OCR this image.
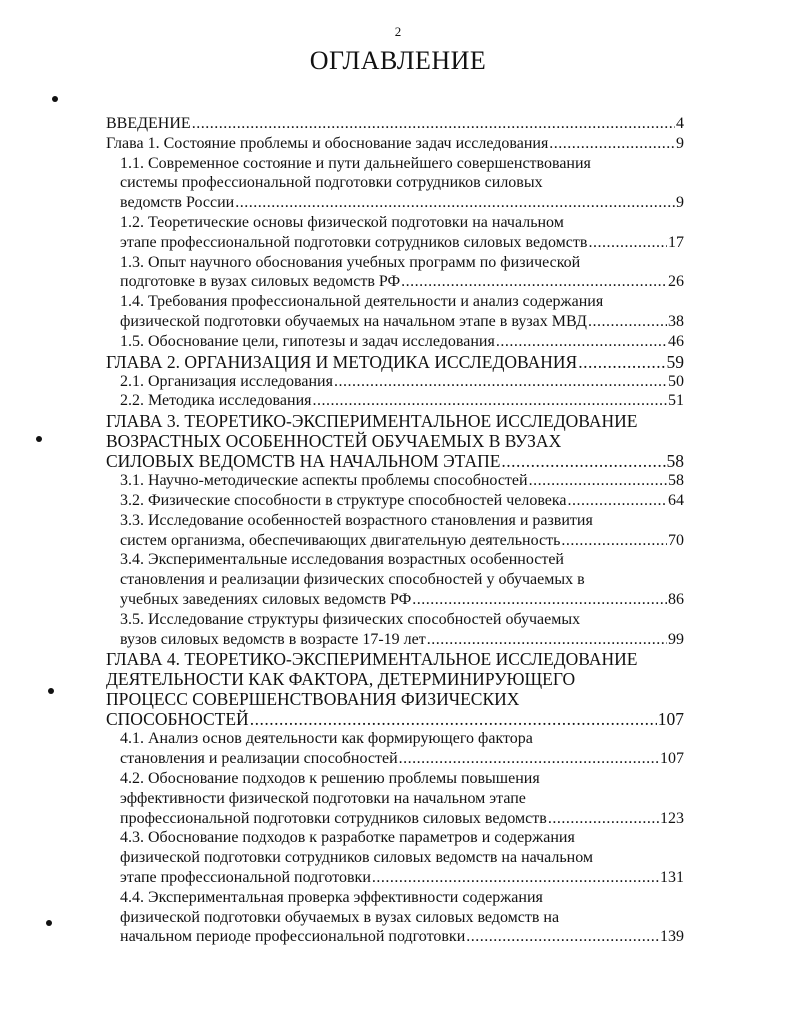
2
ОГЛАВЛЕНИЕ
ВВЕДЕНИЕ .....	4
Глава 1. Состояние проблемы и обоснование задач исследования .....	9
1.1. Современное состояние и пути дальнейшего совершенствования
системы профессиональной подготовки сотрудников силовых
ведомств России .....	9
1.2. Теоретические основы физической подготовки на начальном
этапе профессиональной подготовки сотрудников силовых ведомств .....	17
1.3. Опыт научного обоснования учебных программ по физической
подготовке в вузах силовых ведомств РФ .....	26
1.4. Требования профессиональной деятельности и анализ содержания
физической подготовки обучаемых на начальном этапе в вузах МВД .....	38
1.5. Обоснование цели, гипотезы и задач исследования .....	46
ГЛАВА 2. ОРГАНИЗАЦИЯ И МЕТОДИКА ИССЛЕДОВАНИЯ .....	59
2.1. Организация исследования .....	50
2.2. Методика исследования .....	51
ГЛАВА 3. ТЕОРЕТИКО-ЭКСПЕРИМЕНТАЛЬНОЕ ИССЛЕДОВАНИЕ
ВОЗРАСТНЫХ ОСОБЕННОСТЕЙ ОБУЧАЕМЫХ В ВУЗАХ
СИЛОВЫХ ВЕДОМСТВ НА НАЧАЛЬНОМ ЭТАПЕ .....	58
3.1. Научно-методические аспекты проблемы способностей .....	58
3.2. Физические способности в структуре способностей человека .....	64
3.3. Исследование особенностей возрастного становления и развития
систем организма, обеспечивающих двигательную деятельность .....	70
3.4. Экспериментальные исследования возрастных особенностей
становления и реализации физических способностей у обучаемых в
учебных заведениях силовых ведомств РФ .....	86
3.5. Исследование структуры физических способностей обучаемых
вузов силовых ведомств в возрасте 17-19 лет .....	99
ГЛАВА 4. ТЕОРЕТИКО-ЭКСПЕРИМЕНТАЛЬНОЕ ИССЛЕДОВАНИЕ
ДЕЯТЕЛЬНОСТИ КАК ФАКТОРА, ДЕТЕРМИНИРУЮЩЕГО
ПРОЦЕСС СОВЕРШЕНСТВОВАНИЯ ФИЗИЧЕСКИХ
СПОСОБНОСТЕЙ .....	107
4.1. Анализ основ деятельности как формирующего фактора
становления и реализации способностей .....	107
4.2. Обоснование подходов к решению проблемы повышения
эффективности физической подготовки на начальном этапе
профессиональной подготовки сотрудников силовых ведомств .....	123
4.3. Обоснование подходов к разработке параметров и содержания
физической подготовки сотрудников силовых ведомств на начальном
этапе профессиональной подготовки .....	131
4.4. Экспериментальная проверка эффективности содержания
физической подготовки обучаемых в вузах силовых ведомств на
начальном периоде профессиональной подготовки .....	139
